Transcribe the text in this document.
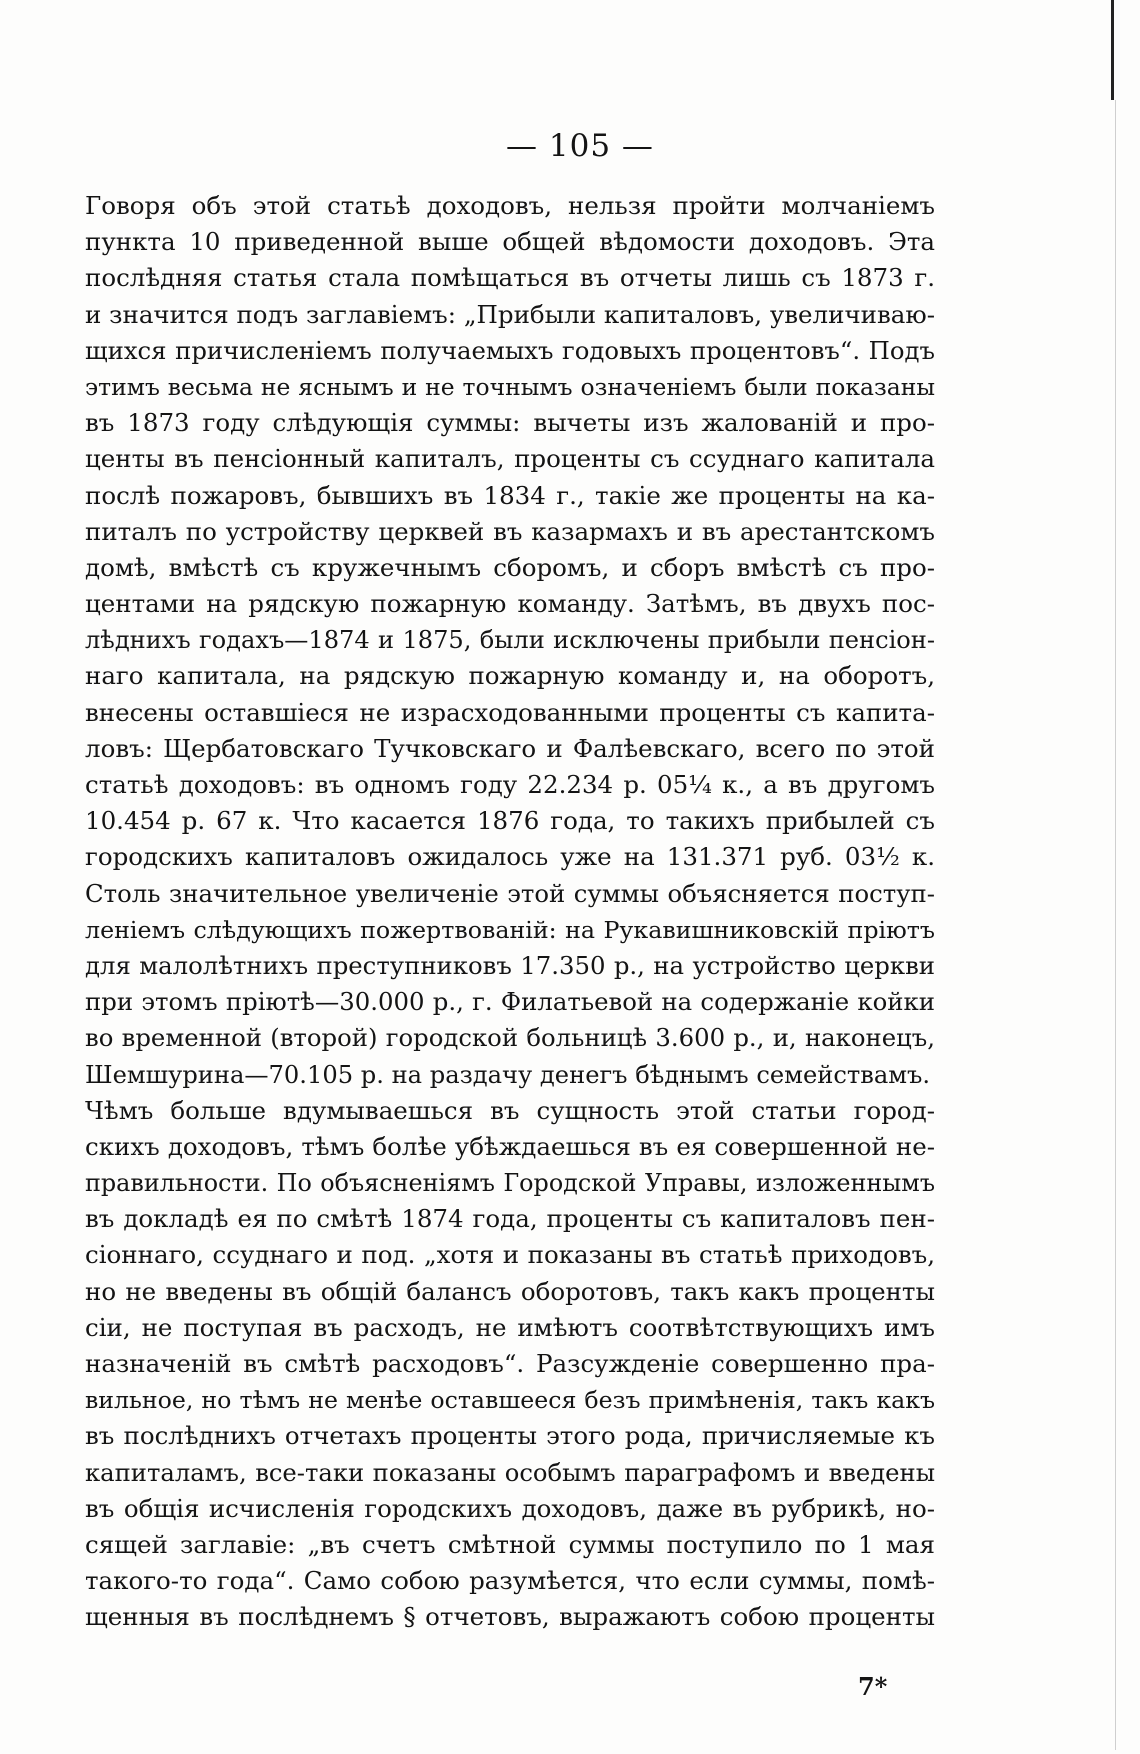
— 105 —
Говоря объ этой статьѣ доходовъ, нельзя пройти молчаніемъ
пункта 10 приведенной выше общей вѣдомости доходовъ. Эта
послѣдняя статья стала помѣщаться въ отчеты лишь съ 1873 г.
и значится подъ заглавіемъ: „Прибыли капиталовъ, увеличиваю-
щихся причисленіемъ получаемыхъ годовыхъ процентовъ“. Подъ
этимъ весьма не яснымъ и не точнымъ означеніемъ были показаны
въ 1873 году слѣдующія суммы: вычеты изъ жалованій и про-
центы въ пенсіонный капиталъ, проценты съ ссуднаго капитала
послѣ пожаровъ, бывшихъ въ 1834 г., такіе же проценты на ка-
питалъ по устройству церквей въ казармахъ и въ арестантскомъ
домѣ, вмѣстѣ съ кружечнымъ сборомъ, и сборъ вмѣстѣ съ про-
центами на рядскую пожарную команду. Затѣмъ, въ двухъ пос-
лѣднихъ годахъ—1874 и 1875, были исключены прибыли пенсіон-
наго капитала, на рядскую пожарную команду и, на оборотъ,
внесены оставшіеся не израсходованными проценты съ капита-
ловъ: Щербатовскаго Тучковскаго и Фалѣевскаго, всего по этой
статьѣ доходовъ: въ одномъ году 22.234 р. 05¼ к., а въ другомъ
10.454 р. 67 к. Что касается 1876 года, то такихъ прибылей съ
городскихъ капиталовъ ожидалось уже на 131.371 руб. 03½ к.
Столь значительное увеличеніе этой суммы объясняется поступ-
леніемъ слѣдующихъ пожертвованій: на Рукавишниковскій пріютъ
для малолѣтнихъ преступниковъ 17.350 р., на устройство церкви
при этомъ пріютѣ—30.000 р., г. Филатьевой на содержаніе койки
во временной (второй) городской больницѣ 3.600 р., и, наконецъ,
Шемшурина—70.105 р. на раздачу денегъ бѣднымъ семействамъ.
Чѣмъ больше вдумываешься въ сущность этой статьи город-
скихъ доходовъ, тѣмъ болѣе убѣждаешься въ ея совершенной не-
правильности. По объясненіямъ Городской Управы, изложеннымъ
въ докладѣ ея по смѣтѣ 1874 года, проценты съ капиталовъ пен-
сіоннаго, ссуднаго и под. „хотя и показаны въ статьѣ приходовъ,
но не введены въ общій балансъ оборотовъ, такъ какъ проценты
сіи, не поступая въ расходъ, не имѣютъ соотвѣтствующихъ имъ
назначеній въ смѣтѣ расходовъ“. Разсужденіе совершенно пра-
вильное, но тѣмъ не менѣе оставшееся безъ примѣненія, такъ какъ
въ послѣднихъ отчетахъ проценты этого рода, причисляемые къ
капиталамъ, все-таки показаны особымъ параграфомъ и введены
въ общія исчисленія городскихъ доходовъ, даже въ рубрикѣ, но-
сящей заглавіе: „въ счетъ смѣтной суммы поступило по 1 мая
такого-то года“. Само собою разумѣется, что если суммы, помѣ-
щенныя въ послѣднемъ § отчетовъ, выражаютъ собою проценты
7*
